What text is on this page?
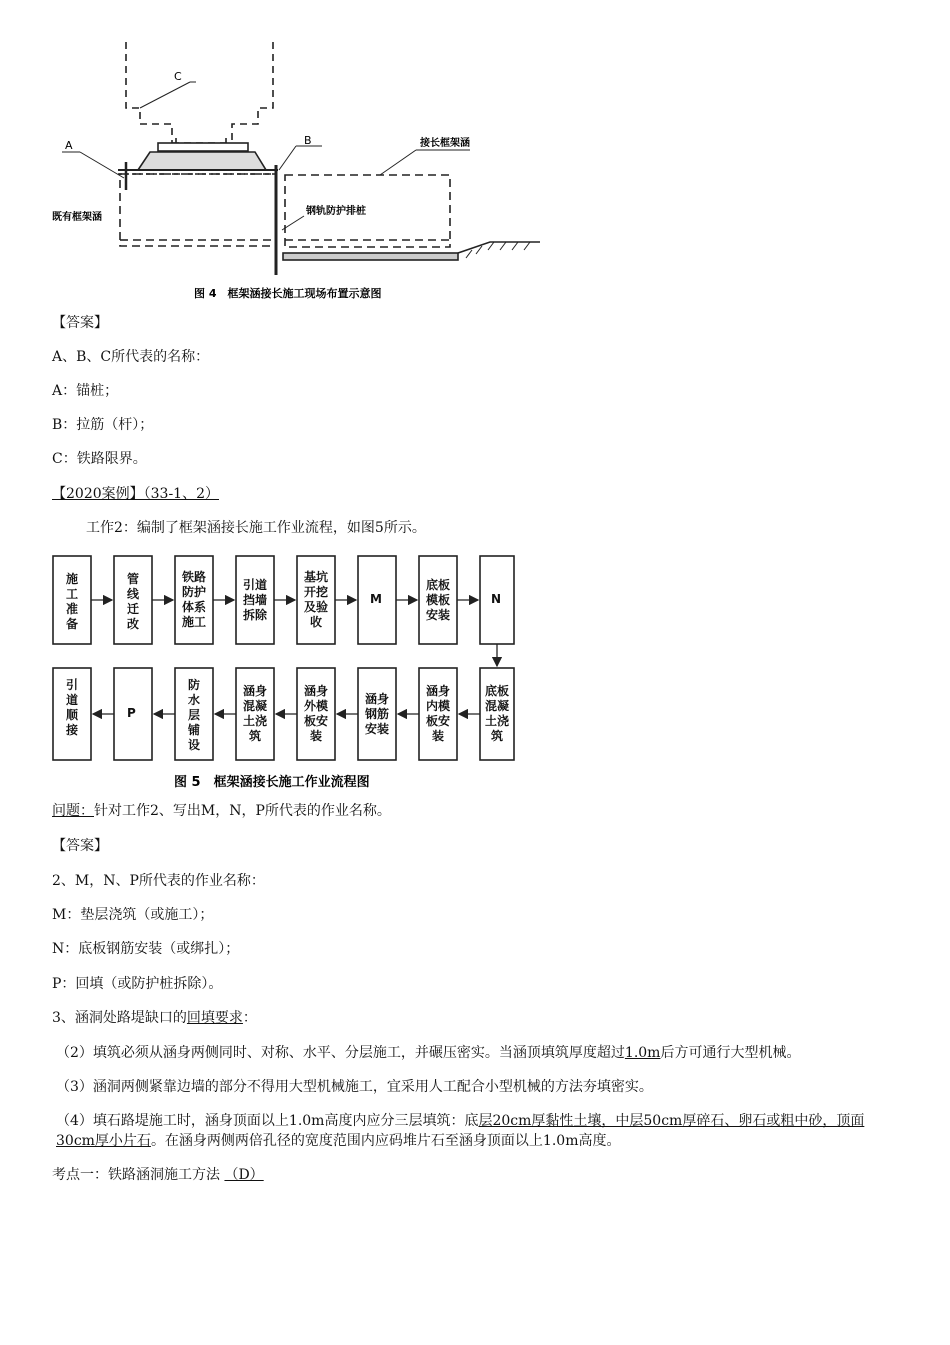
C
A	B
既有框架涵
接长框架涵
钢轨防护排桩
图 4　框架涵接长施工现场布置示意图
【答案】
A、B、C所代表的名称：
A：锚桩；
B：拉筋（杆）；
C：铁路限界。
【2020案例】（33-1、2）
工作2：编制了框架涵接长施工作业流程，如图5所示。
图 5　框架涵接长施工作业流程图
施工准备
管线迁改
铁路防护体系施工
引道挡墙拆除
基坑开挖及验收
M
底板模板安装
N
底板混凝土浇筑
涵身内模板安装
涵身钢筋安装
涵身外模板安装
涵身混凝土浇筑
防水层铺设
P
引道顺接
问题：针对工作2、写出M，N，P所代表的作业名称。
【答案】
2、M，N、P所代表的作业名称：
M：垫层浇筑（或施工）；
N：底板钢筋安装（或绑扎）；
P：回填（或防护桩拆除）。
3、涵洞处路堤缺口的回填要求：
（2）填筑必须从涵身两侧同时、对称、水平、分层施工，并碾压密实。当涵顶填筑厚度超过1.0m后方可通行大型机械。
（3）涵洞两侧紧靠边墙的部分不得用大型机械施工，宜采用人工配合小型机械的方法夯填密实。
（4）填石路堤施工时，涵身顶面以上1.0m高度内应分三层填筑：底层20cm厚黏性土壤，中层50cm厚碎石、卵石或粗中砂，顶面30cm厚小片石。在涵身两侧两倍孔径的宽度范围内应码堆片石至涵身顶面以上1.0m高度。
考点一：铁路涵洞施工方法 （D）
